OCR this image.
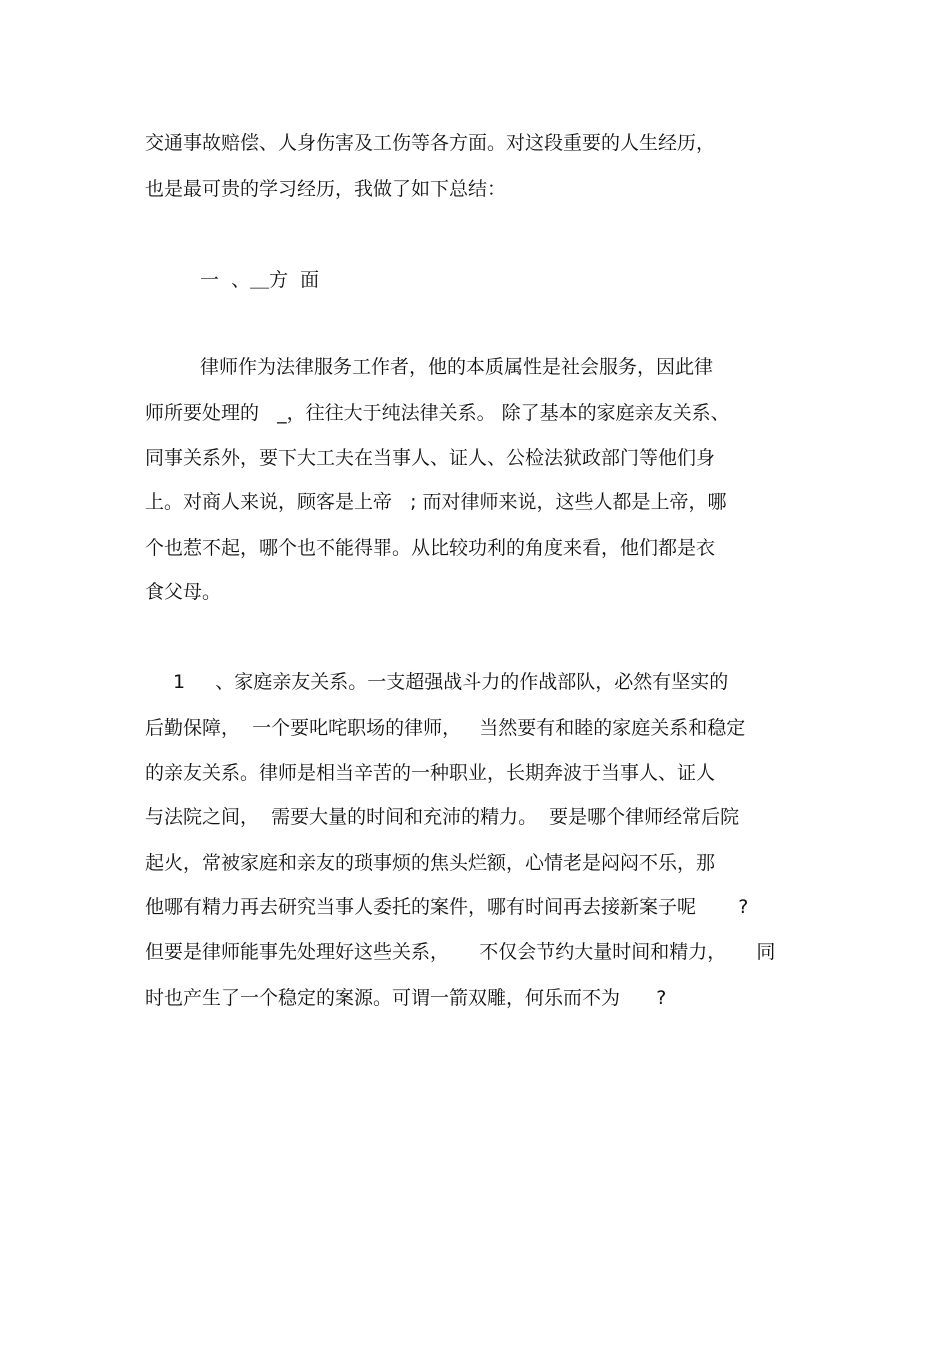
交通事故赔偿、人身伤害及工伤等各方面。对这段重要的人生经历，
也是最可贵的学习经历，我做了如下总结：
一  、＿方  面
律师作为法律服务工作者，他的本质属性是社会服务，因此律
师所要处理的   _，往往大于纯法律关系。 除了基本的家庭亲友关系、
同事关系外，要下大工夫在当事人、证人、公检法狱政部门等他们身
上。对商人来说，顾客是上帝   ; 而对律师来说，这些人都是上帝，哪
个也惹不起，哪个也不能得罪。从比较功利的角度来看，他们都是衣
食父母。
1     、家庭亲友关系。一支超强战斗力的作战部队，必然有坚实的
后勤保障，  一个要叱咤职场的律师，   当然要有和睦的家庭关系和稳定
的亲友关系。律师是相当辛苦的一种职业，长期奔波于当事人、证人
与法院之间，  需要大量的时间和充沛的精力。  要是哪个律师经常后院
起火，常被家庭和亲友的琐事烦的焦头烂额，心情老是闷闷不乐，那
他哪有精力再去研究当事人委托的案件，哪有时间再去接新案子呢       ?
但要是律师能事先处理好这些关系，     不仅会节约大量时间和精力，     同
时也产生了一个稳定的案源。可谓一箭双雕，何乐而不为      ?
